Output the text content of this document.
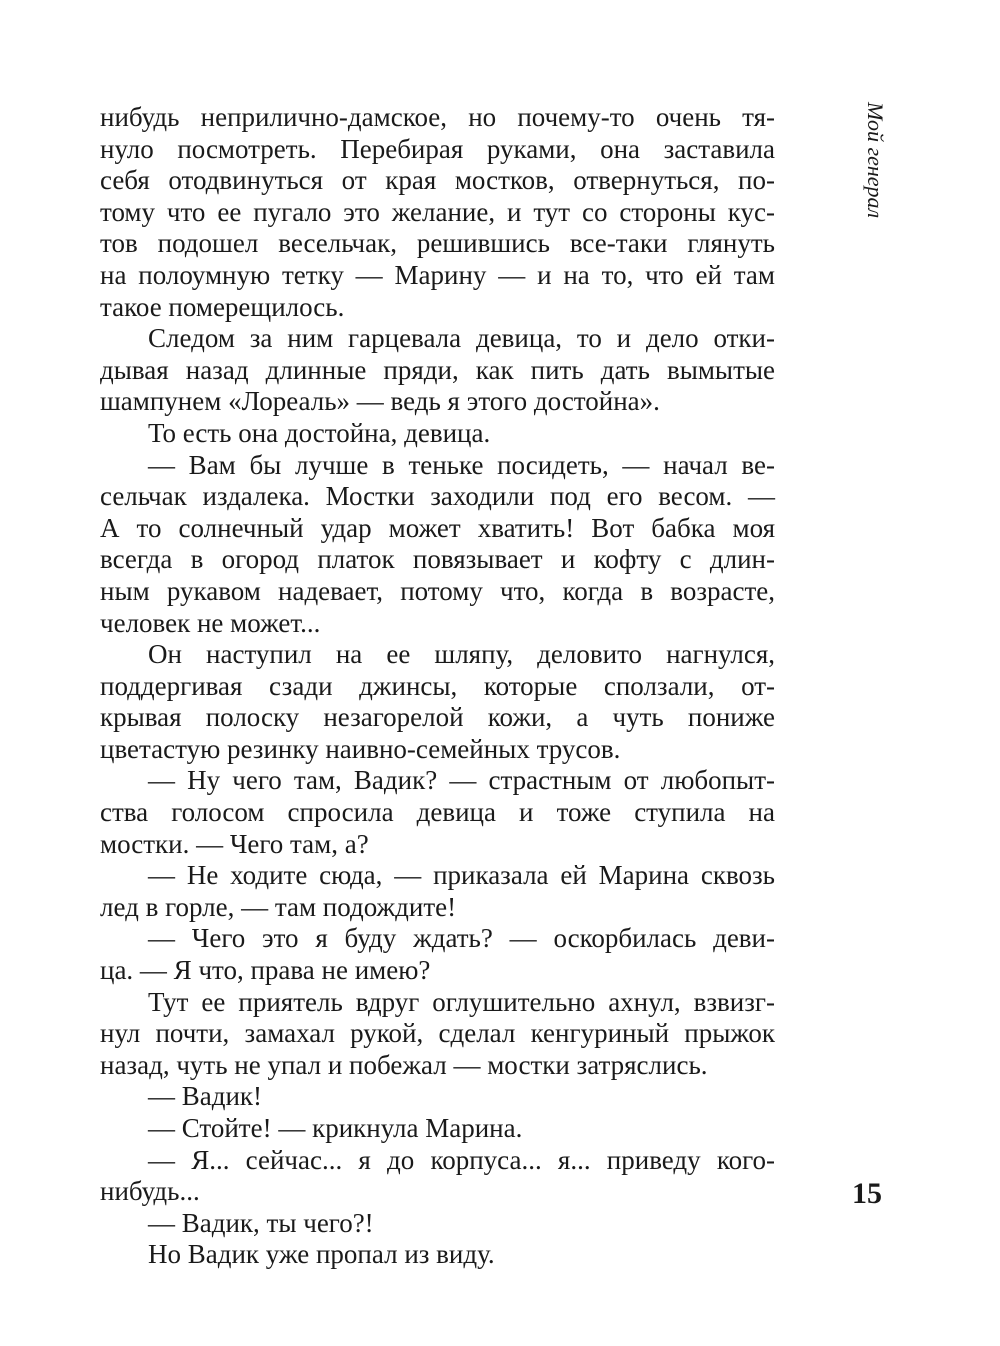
нибудь неприлично-дамское, но почему-то очень тя-
нуло посмотреть. Перебирая руками, она заставила
себя отодвинуться от края мостков, отвернуться, по-
тому что ее пугало это желание, и тут со стороны кус-
тов подошел весельчак, решившись все-таки глянуть
на полоумную тетку — Марину — и на то, что ей там
такое померещилось.
Следом за ним гарцевала девица, то и дело отки-
дывая назад длинные пряди, как пить дать вымытые
шампунем «Лореаль» — ведь я этого достойна».
То есть она достойна, девица.
— Вам бы лучше в теньке посидеть, — начал ве-
сельчак издалека. Мостки заходили под его весом. —
А то солнечный удар может хватить! Вот бабка моя
всегда в огород платок повязывает и кофту с длин-
ным рукавом надевает, потому что, когда в возрасте,
человек не может...
Он наступил на ее шляпу, деловито нагнулся,
поддергивая сзади джинсы, которые сползали, от-
крывая полоску незагорелой кожи, а чуть пониже
цветастую резинку наивно-семейных трусов.
— Ну чего там, Вадик? — страстным от любопыт-
ства голосом спросила девица и тоже ступила на
мостки. — Чего там, а?
— Не ходите сюда, — приказала ей Марина сквозь
лед в горле, — там подождите!
— Чего это я буду ждать? — оскорбилась деви-
ца. — Я что, права не имею?
Тут ее приятель вдруг оглушительно ахнул, взвизг-
нул почти, замахал рукой, сделал кенгуриный прыжок
назад, чуть не упал и побежал — мостки затряслись.
— Вадик!
— Стойте! — крикнула Марина.
— Я... сейчас... я до корпуса... я... приведу кого-
нибудь...
— Вадик, ты чего?!
Но Вадик уже пропал из виду.
Мой генерал
15
